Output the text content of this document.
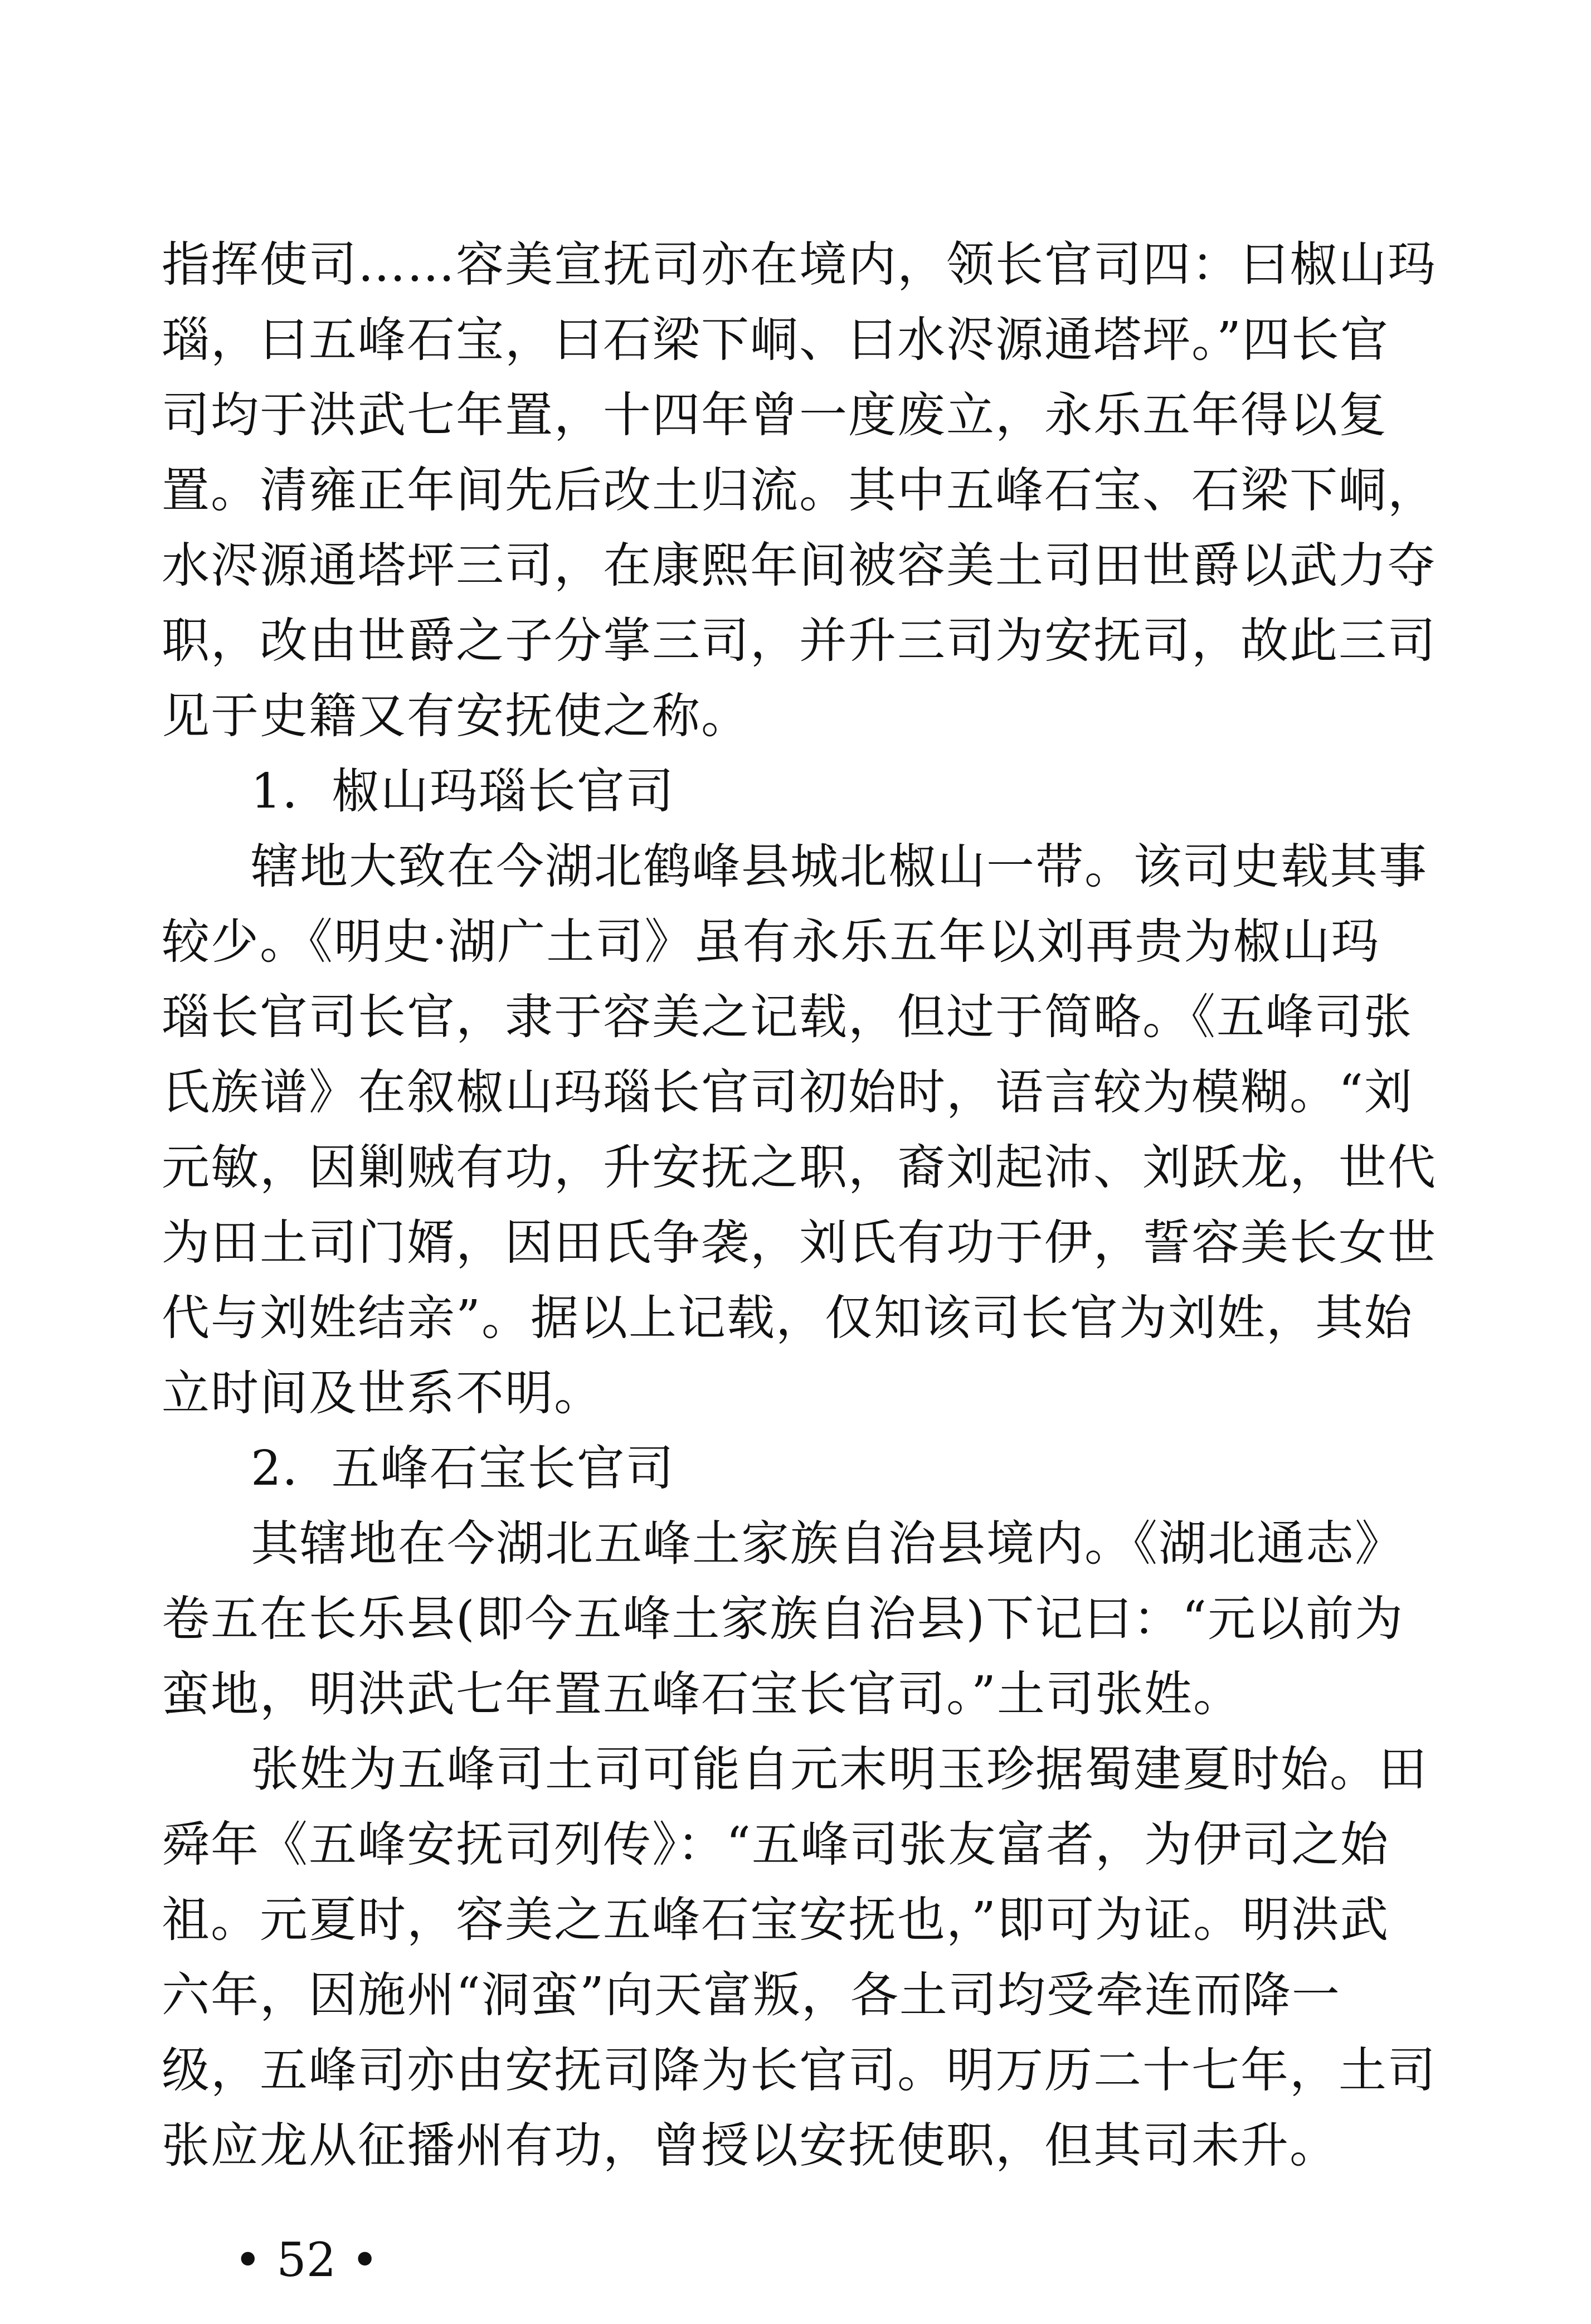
指挥使司……容美宣抚司亦在境内，领长官司四：曰椒山玛
瑙，曰五峰石宝，曰石梁下峒、曰水浕源通塔坪。”四长官
司均于洪武七年置，十四年曾一度废立，永乐五年得以复
置。清雍正年间先后改土归流。其中五峰石宝、石梁下峒，
水浕源通塔坪三司，在康熙年间被容美土司田世爵以武力夺
职，改由世爵之子分掌三司，并升三司为安抚司，故此三司
见于史籍又有安抚使之称。
1．椒山玛瑙长官司
辖地大致在今湖北鹤峰县城北椒山一带。该司史载其事
较少。《明史·湖广土司》虽有永乐五年以刘再贵为椒山玛
瑙长官司长官，隶于容美之记载，但过于简略。《五峰司张
氏族谱》在叙椒山玛瑙长官司初始时，语言较为模糊。“刘
元敏，因剿贼有功，升安抚之职，裔刘起沛、刘跃龙，世代
为田土司门婿，因田氏争袭，刘氏有功于伊，誓容美长女世
代与刘姓结亲”。据以上记载，仅知该司长官为刘姓，其始
立时间及世系不明。
2．五峰石宝长官司
其辖地在今湖北五峰土家族自治县境内。《湖北通志》
卷五在长乐县(即今五峰土家族自治县)下记曰：“元以前为
蛮地，明洪武七年置五峰石宝长官司。”土司张姓。
张姓为五峰司土司可能自元末明玉珍据蜀建夏时始。田
舜年《五峰安抚司列传》：“五峰司张友富者，为伊司之始
祖。元夏时，容美之五峰石宝安抚也，”即可为证。明洪武
六年，因施州“洞蛮”向天富叛，各土司均受牵连而降一
级，五峰司亦由安抚司降为长官司。明万历二十七年，土司
张应龙从征播州有功，曾授以安抚使职，但其司未升。
• 52 •
